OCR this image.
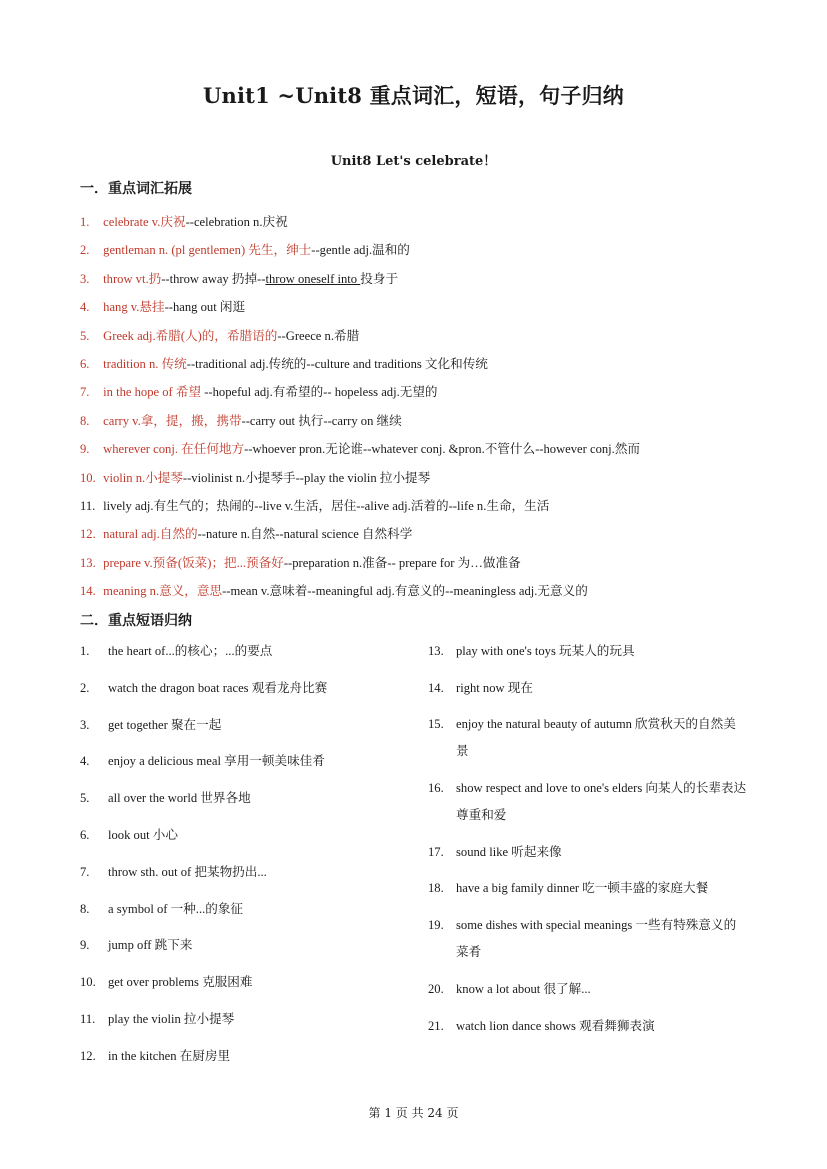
Unit1 ~Unit8 重点词汇，短语，句子归纳
Unit8 Let's celebrate！
一．重点词汇拓展
1. celebrate v.庆祝--celebration n.庆祝
2. gentleman n. (pl gentlemen) 先生，绅士--gentle adj.温和的
3. throw vt.扔--throw away 扔掉--throw oneself into 投身于
4. hang v.悬挂--hang out 闲逛
5. Greek adj.希腊(人)的，希腊语的--Greece n.希腊
6. tradition n. 传统--traditional adj.传统的--culture and traditions 文化和传统
7. in the hope of 希望 --hopeful adj.有希望的-- hopeless adj.无望的
8. carry v.拿，提，搬，携带--carry out 执行--carry on 继续
9. wherever conj. 在任何地方--whoever pron.无论谁--whatever conj. &pron.不管什么--however conj.然而
10. violin n.小提琴--violinist n.小提琴手--play the violin 拉小提琴
11. lively adj.有生气的；热闹的--live v.生活，居住--alive adj.活着的--life n.生命，生活
12. natural adj.自然的--nature n.自然--natural science 自然科学
13. prepare v.预备(饭菜)；把...预备好--preparation n.准备-- prepare for 为…做准备
14. meaning n.意义，意思--mean v.意味着--meaningful adj.有意义的--meaningless adj.无意义的
二．重点短语归纳
1. the heart of...的核心；...的要点
2. watch the dragon boat races 观看龙舟比赛
3. get together 聚在一起
4. enjoy a delicious meal 享用一顿美味佳肴
5. all over the world 世界各地
6. look out 小心
7. throw sth. out of 把某物扔出...
8. a symbol of 一种...的象征
9. jump off 跳下来
10. get over problems 克服困难
11. play the violin 拉小提琴
12. in the kitchen 在厨房里
13. play with one's toys 玩某人的玩具
14. right now 现在
15. enjoy the natural beauty of autumn 欣赏秋天的自然美景
16. show respect and love to one's elders 向某人的长辈表达尊重和爱
17. sound like 听起来像
18. have a big family dinner 吃一顿丰盛的家庭大餐
19. some dishes with special meanings 一些有特殊意义的菜肴
20. know a lot about 很了解...
21. watch lion dance shows 观看舞狮表演
第 1 页 共 24 页
